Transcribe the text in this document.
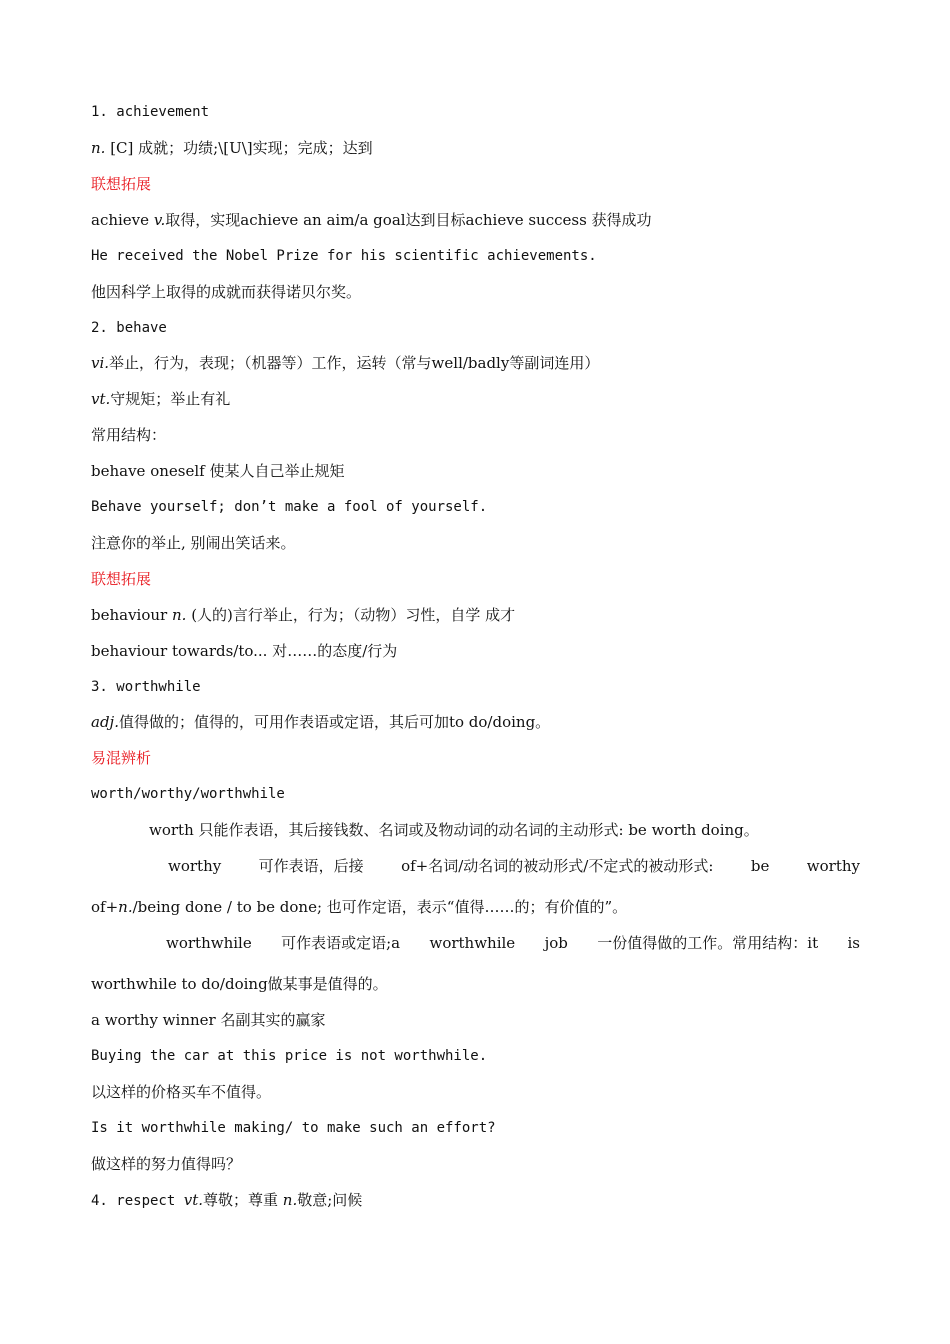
1. achievement
n. [C] 成就；功绩;\[U\]实现；完成；达到
联想拓展
achieve v.取得，实现achieve an aim/a goal达到目标achieve success 获得成功
He received the Nobel Prize for his scientific achievements.
他因科学上取得的成就而获得诺贝尔奖。
2. behave
vi.举止，行为，表现；（机器等）工作，运转（常与well/badly等副词连用）
vt.守规矩；举止有礼
常用结构：
behave oneself 使某人自己举止规矩
Behave yourself; don’t make a fool of yourself.
注意你的举止, 别闹出笑话来。
联想拓展
behaviour n. (人的)言行举止，行为；（动物）习性，自学 成才
behaviour towards/to... 对……的态度/行为
3. worthwhile
adj.值得做的；值得的，可用作表语或定语，其后可加to do/doing。
易混辨析
worth/worthy/worthwhile
worth 只能作表语，其后接钱数、名词或及物动词的动名词的主动形式: be worth doing。
worthy 可作表语，后接 of+名词/动名词的被动形式/不定式的被动形式: be worthy
of+n./being done / to be done; 也可作定语，表示“值得……的；有价值的”。
worthwhile 可作表语或定语;a worthwhile job 一份值得做的工作。常用结构：it is
worthwhile to do/doing做某事是值得的。
a worthy winner 名副其实的赢家
Buying the car at this price is not worthwhile.
以这样的价格买车不值得。
Is it worthwhile making/ to make such an effort?
做这样的努力值得吗？
4. respect vt.尊敬；尊重 n.敬意;问候
